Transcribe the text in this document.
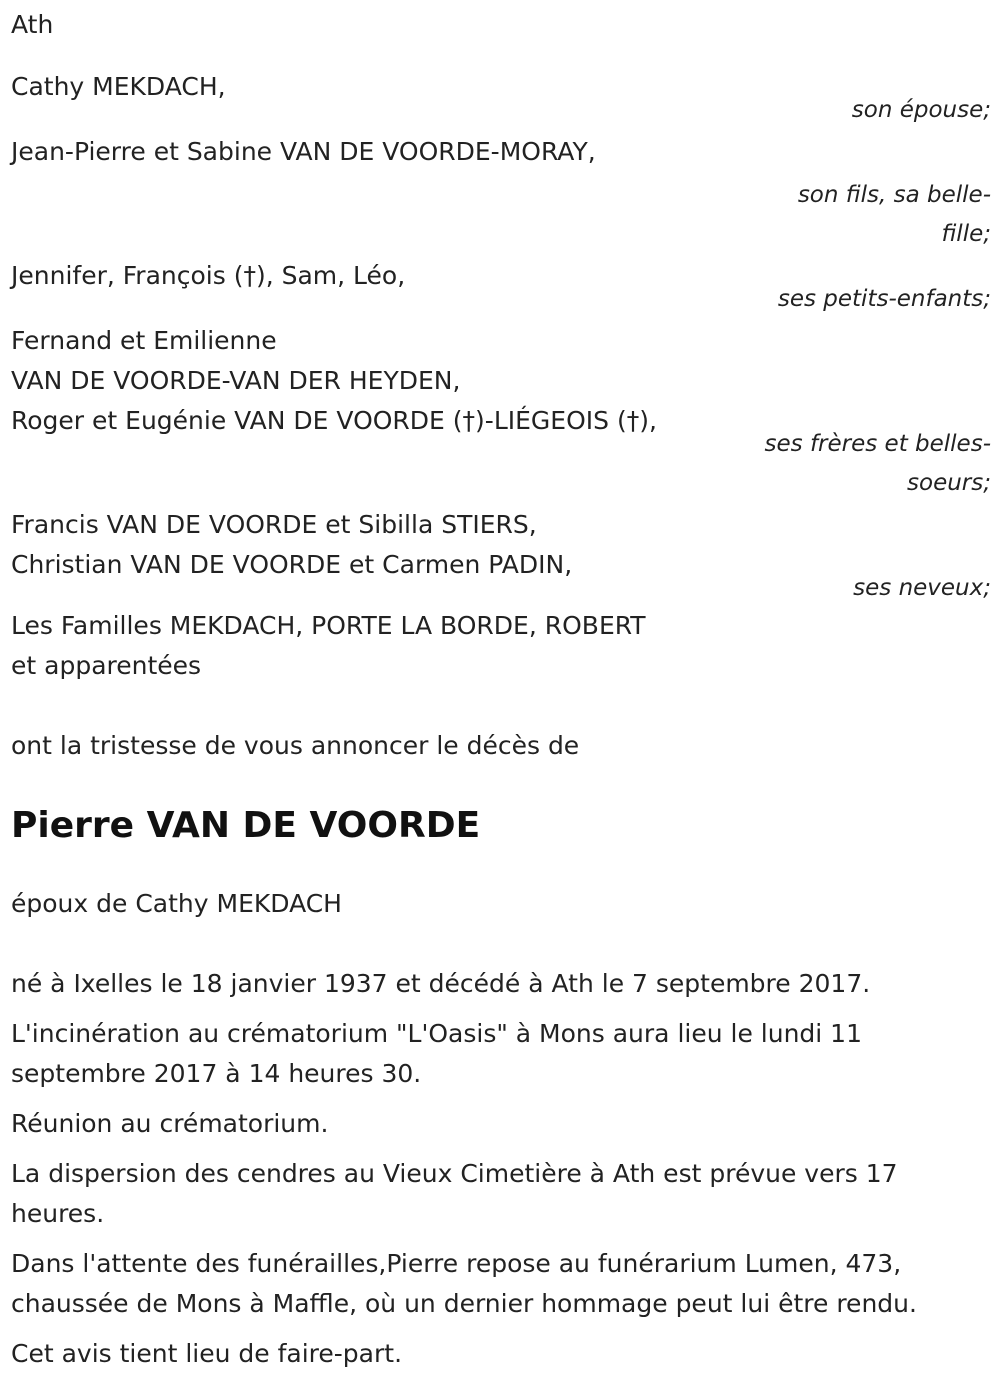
Ath
Cathy MEKDACH,
son épouse;
Jean-Pierre et Sabine VAN DE VOORDE-MORAY,
son fils, sa belle-
fille;
Jennifer, François (†), Sam, Léo,
ses petits-enfants;
Fernand et Emilienne
VAN DE VOORDE-VAN DER HEYDEN,
Roger et Eugénie VAN DE VOORDE (†)-LIÉGEOIS (†),
ses frères et belles-
soeurs;
Francis VAN DE VOORDE et Sibilla STIERS,
Christian VAN DE VOORDE et Carmen PADIN,
ses neveux;
Les Familles MEKDACH, PORTE LA BORDE, ROBERT
et apparentées
ont la tristesse de vous annoncer le décès de
Pierre VAN DE VOORDE
époux de Cathy MEKDACH
né à Ixelles le 18 janvier 1937 et décédé à Ath le 7 septembre 2017.
L'incinération au crématorium "L'Oasis" à Mons aura lieu le lundi 11 septembre 2017 à 14 heures 30.
Réunion au crématorium.
La dispersion des cendres au Vieux Cimetière à Ath est prévue vers 17 heures.
Dans l'attente des funérailles,Pierre repose au funérarium Lumen, 473, chaussée de Mons à Maffle, où un dernier hommage peut lui être rendu.
Cet avis tient lieu de faire-part.
